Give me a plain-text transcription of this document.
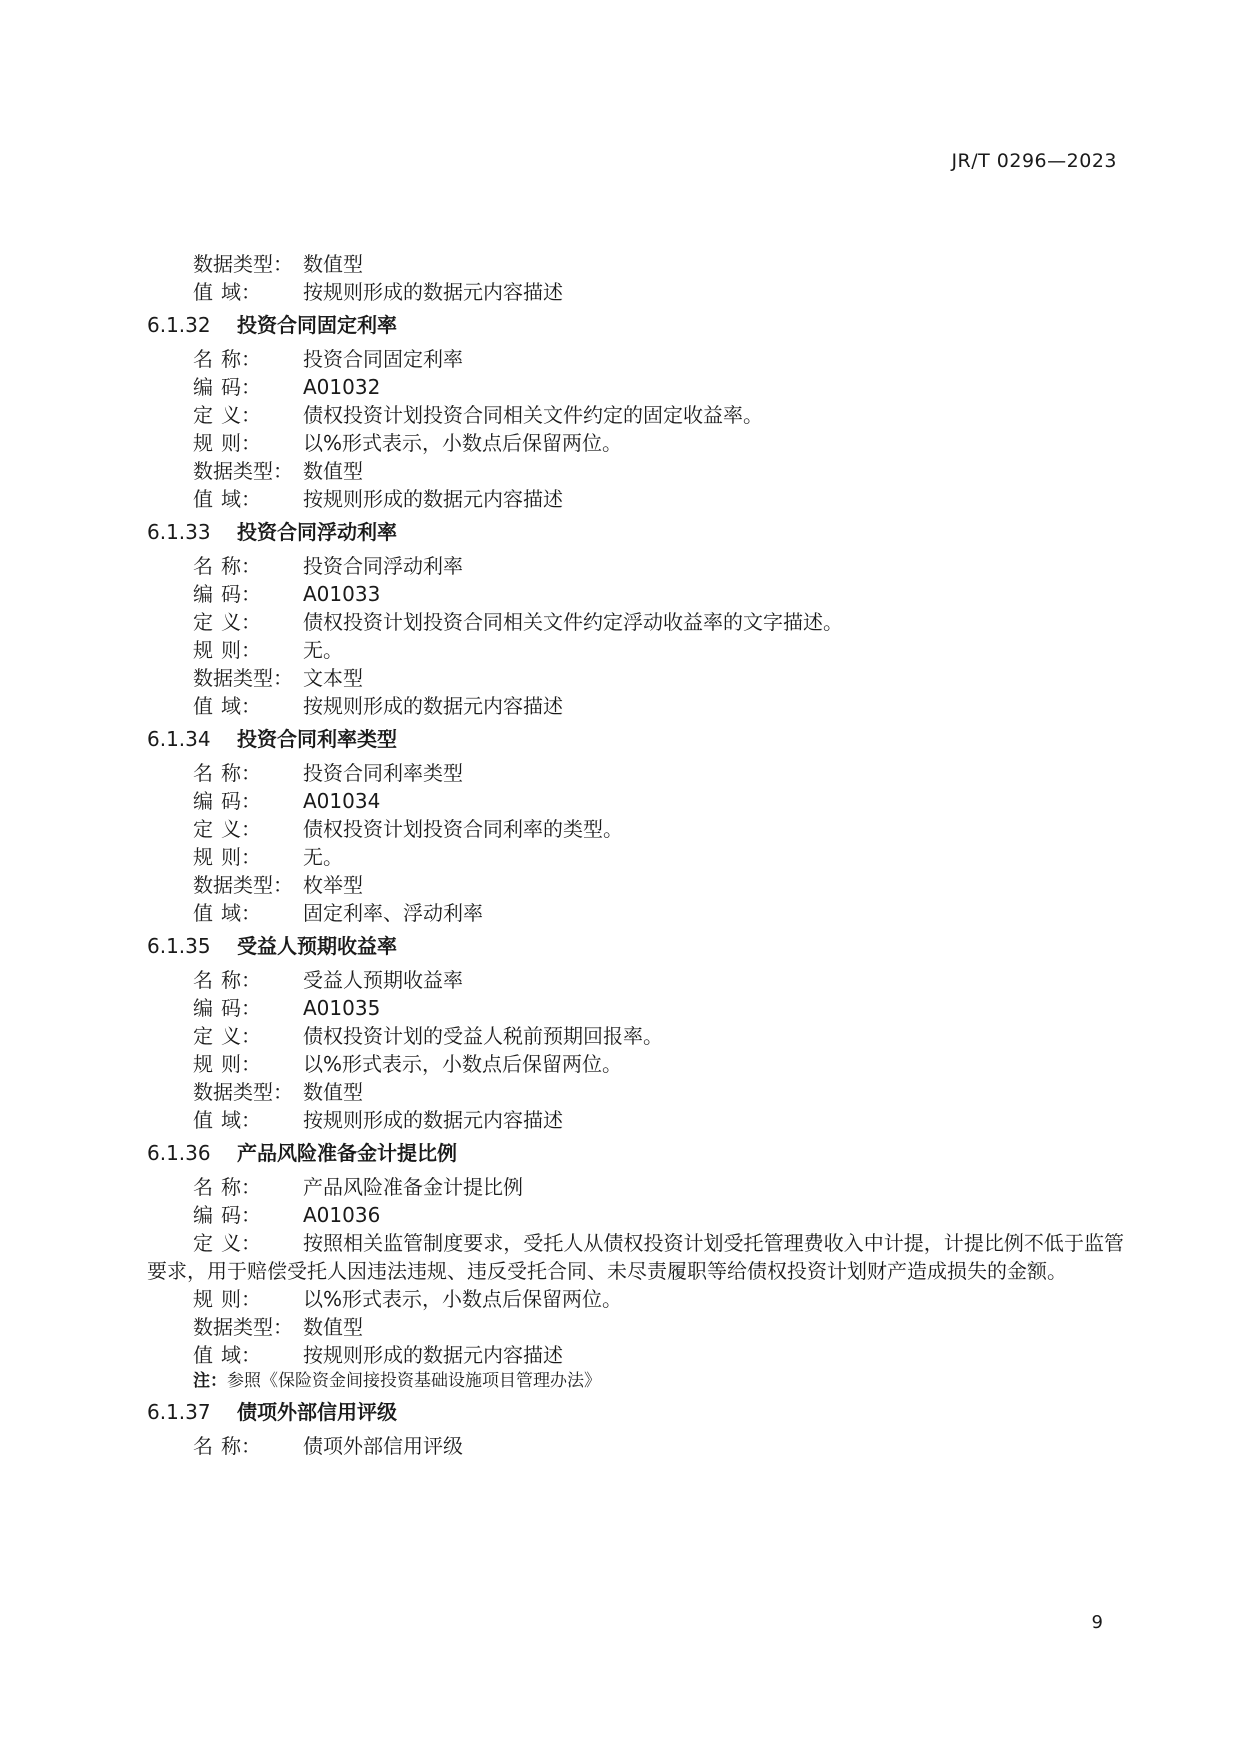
JR/T 0296—2023
数据类型： 数值型
值 域： 按规则形成的数据元内容描述
6.1.32 投资合同固定利率
名 称： 投资合同固定利率
编 码： A01032
定 义： 债权投资计划投资合同相关文件约定的固定收益率。
规 则： 以%形式表示，小数点后保留两位。
数据类型： 数值型
值 域： 按规则形成的数据元内容描述
6.1.33 投资合同浮动利率
名 称： 投资合同浮动利率
编 码： A01033
定 义： 债权投资计划投资合同相关文件约定浮动收益率的文字描述。
规 则： 无。
数据类型： 文本型
值 域： 按规则形成的数据元内容描述
6.1.34 投资合同利率类型
名 称： 投资合同利率类型
编 码： A01034
定 义： 债权投资计划投资合同利率的类型。
规 则： 无。
数据类型： 枚举型
值 域： 固定利率、浮动利率
6.1.35 受益人预期收益率
名 称： 受益人预期收益率
编 码： A01035
定 义： 债权投资计划的受益人税前预期回报率。
规 则： 以%形式表示，小数点后保留两位。
数据类型： 数值型
值 域： 按规则形成的数据元内容描述
6.1.36 产品风险准备金计提比例
名 称： 产品风险准备金计提比例
编 码： A01036
定 义： 按照相关监管制度要求，受托人从债权投资计划受托管理费收入中计提，计提比例不低于监管要求，用于赔偿受托人因违法违规、违反受托合同、未尽责履职等给债权投资计划财产造成损失的金额。
规 则： 以%形式表示，小数点后保留两位。
数据类型： 数值型
值 域： 按规则形成的数据元内容描述
注：参照《保险资金间接投资基础设施项目管理办法》
6.1.37 债项外部信用评级
名 称： 债项外部信用评级
9
